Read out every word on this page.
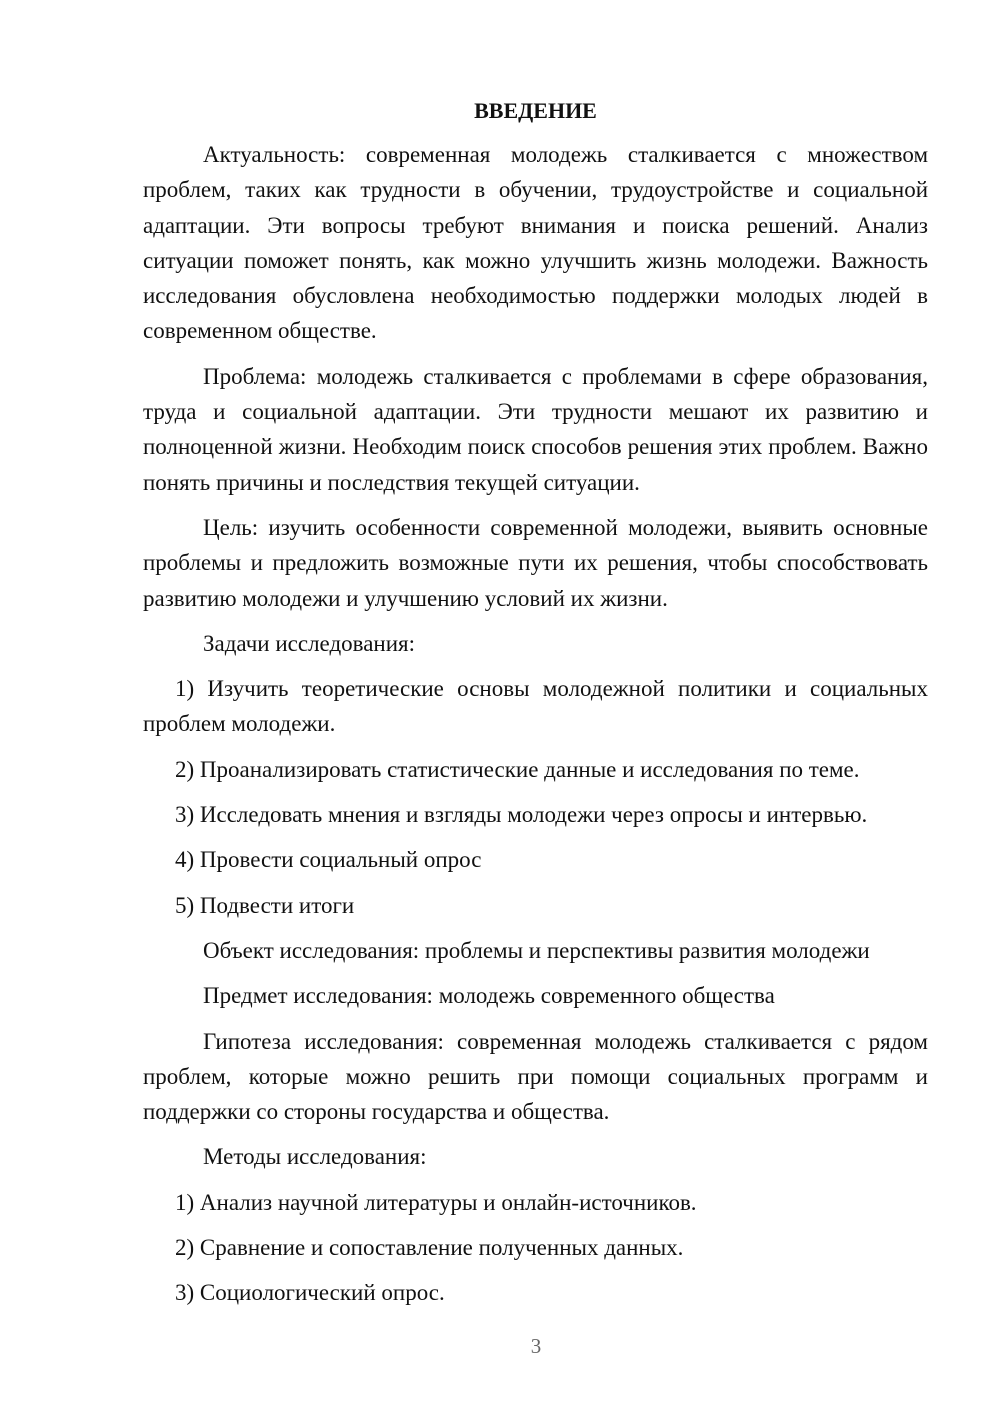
ВВЕДЕНИЕ

Актуальность: современная молодежь сталкивается с множеством проблем, таких как трудности в обучении, трудоустройстве и социальной адаптации. Эти вопросы требуют внимания и поиска решений. Анализ ситуации поможет понять, как можно улучшить жизнь молодежи. Важность исследования обусловлена необходимостью поддержки молодых людей в современном обществе.

Проблема: молодежь сталкивается с проблемами в сфере образования, труда и социальной адаптации. Эти трудности мешают их развитию и полноценной жизни. Необходим поиск способов решения этих проблем. Важно понять причины и последствия текущей ситуации.

Цель: изучить особенности современной молодежи, выявить основные проблемы и предложить возможные пути их решения, чтобы способствовать развитию молодежи и улучшению условий их жизни.

Задачи исследования:

1) Изучить теоретические основы молодежной политики и социальных проблем молодежи.

2) Проанализировать статистические данные и исследования по теме.

3) Исследовать мнения и взгляды молодежи через опросы и интервью.

4) Провести социальный опрос

5) Подвести итоги

Объект исследования: проблемы и перспективы развития молодежи

Предмет исследования: молодежь современного общества

Гипотеза исследования: современная молодежь сталкивается с рядом проблем, которые можно решить при помощи социальных программ и поддержки со стороны государства и общества.

Методы исследования:

1) Анализ научной литературы и онлайн-источников.

2) Сравнение и сопоставление полученных данных.

3) Социологический опрос.

3
